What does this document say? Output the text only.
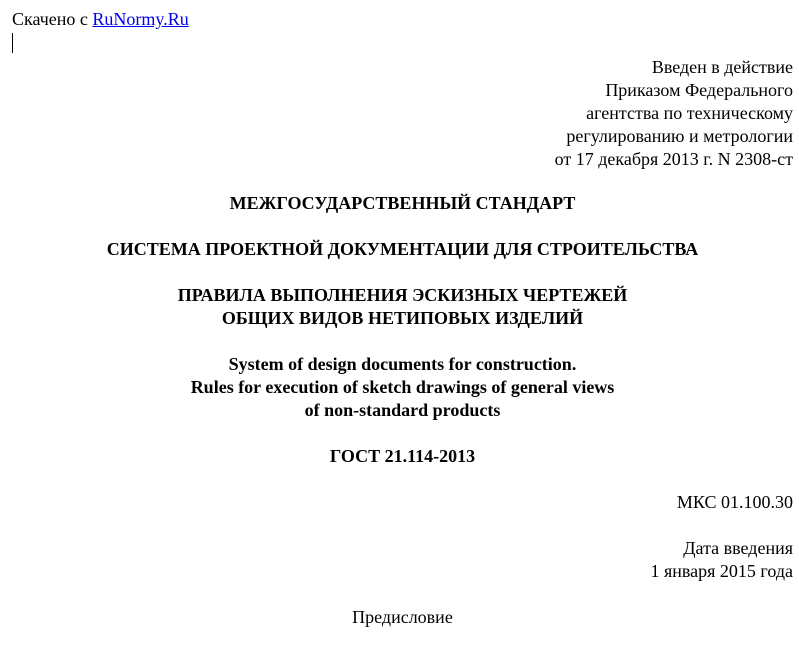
Скачено с RuNormy.Ru
Введен в действие
Приказом Федерального
агентства по техническому
регулированию и метрологии
от 17 декабря 2013 г. N 2308-ст
МЕЖГОСУДАРСТВЕННЫЙ СТАНДАРТ
СИСТЕМА ПРОЕКТНОЙ ДОКУМЕНТАЦИИ ДЛЯ СТРОИТЕЛЬСТВА
ПРАВИЛА ВЫПОЛНЕНИЯ ЭСКИЗНЫХ ЧЕРТЕЖЕЙ
ОБЩИХ ВИДОВ НЕТИПОВЫХ ИЗДЕЛИЙ
System of design documents for construction.
Rules for execution of sketch drawings of general views
of non-standard products
ГОСТ 21.114-2013
МКС 01.100.30
Дата введения
1 января 2015 года
Предисловие
